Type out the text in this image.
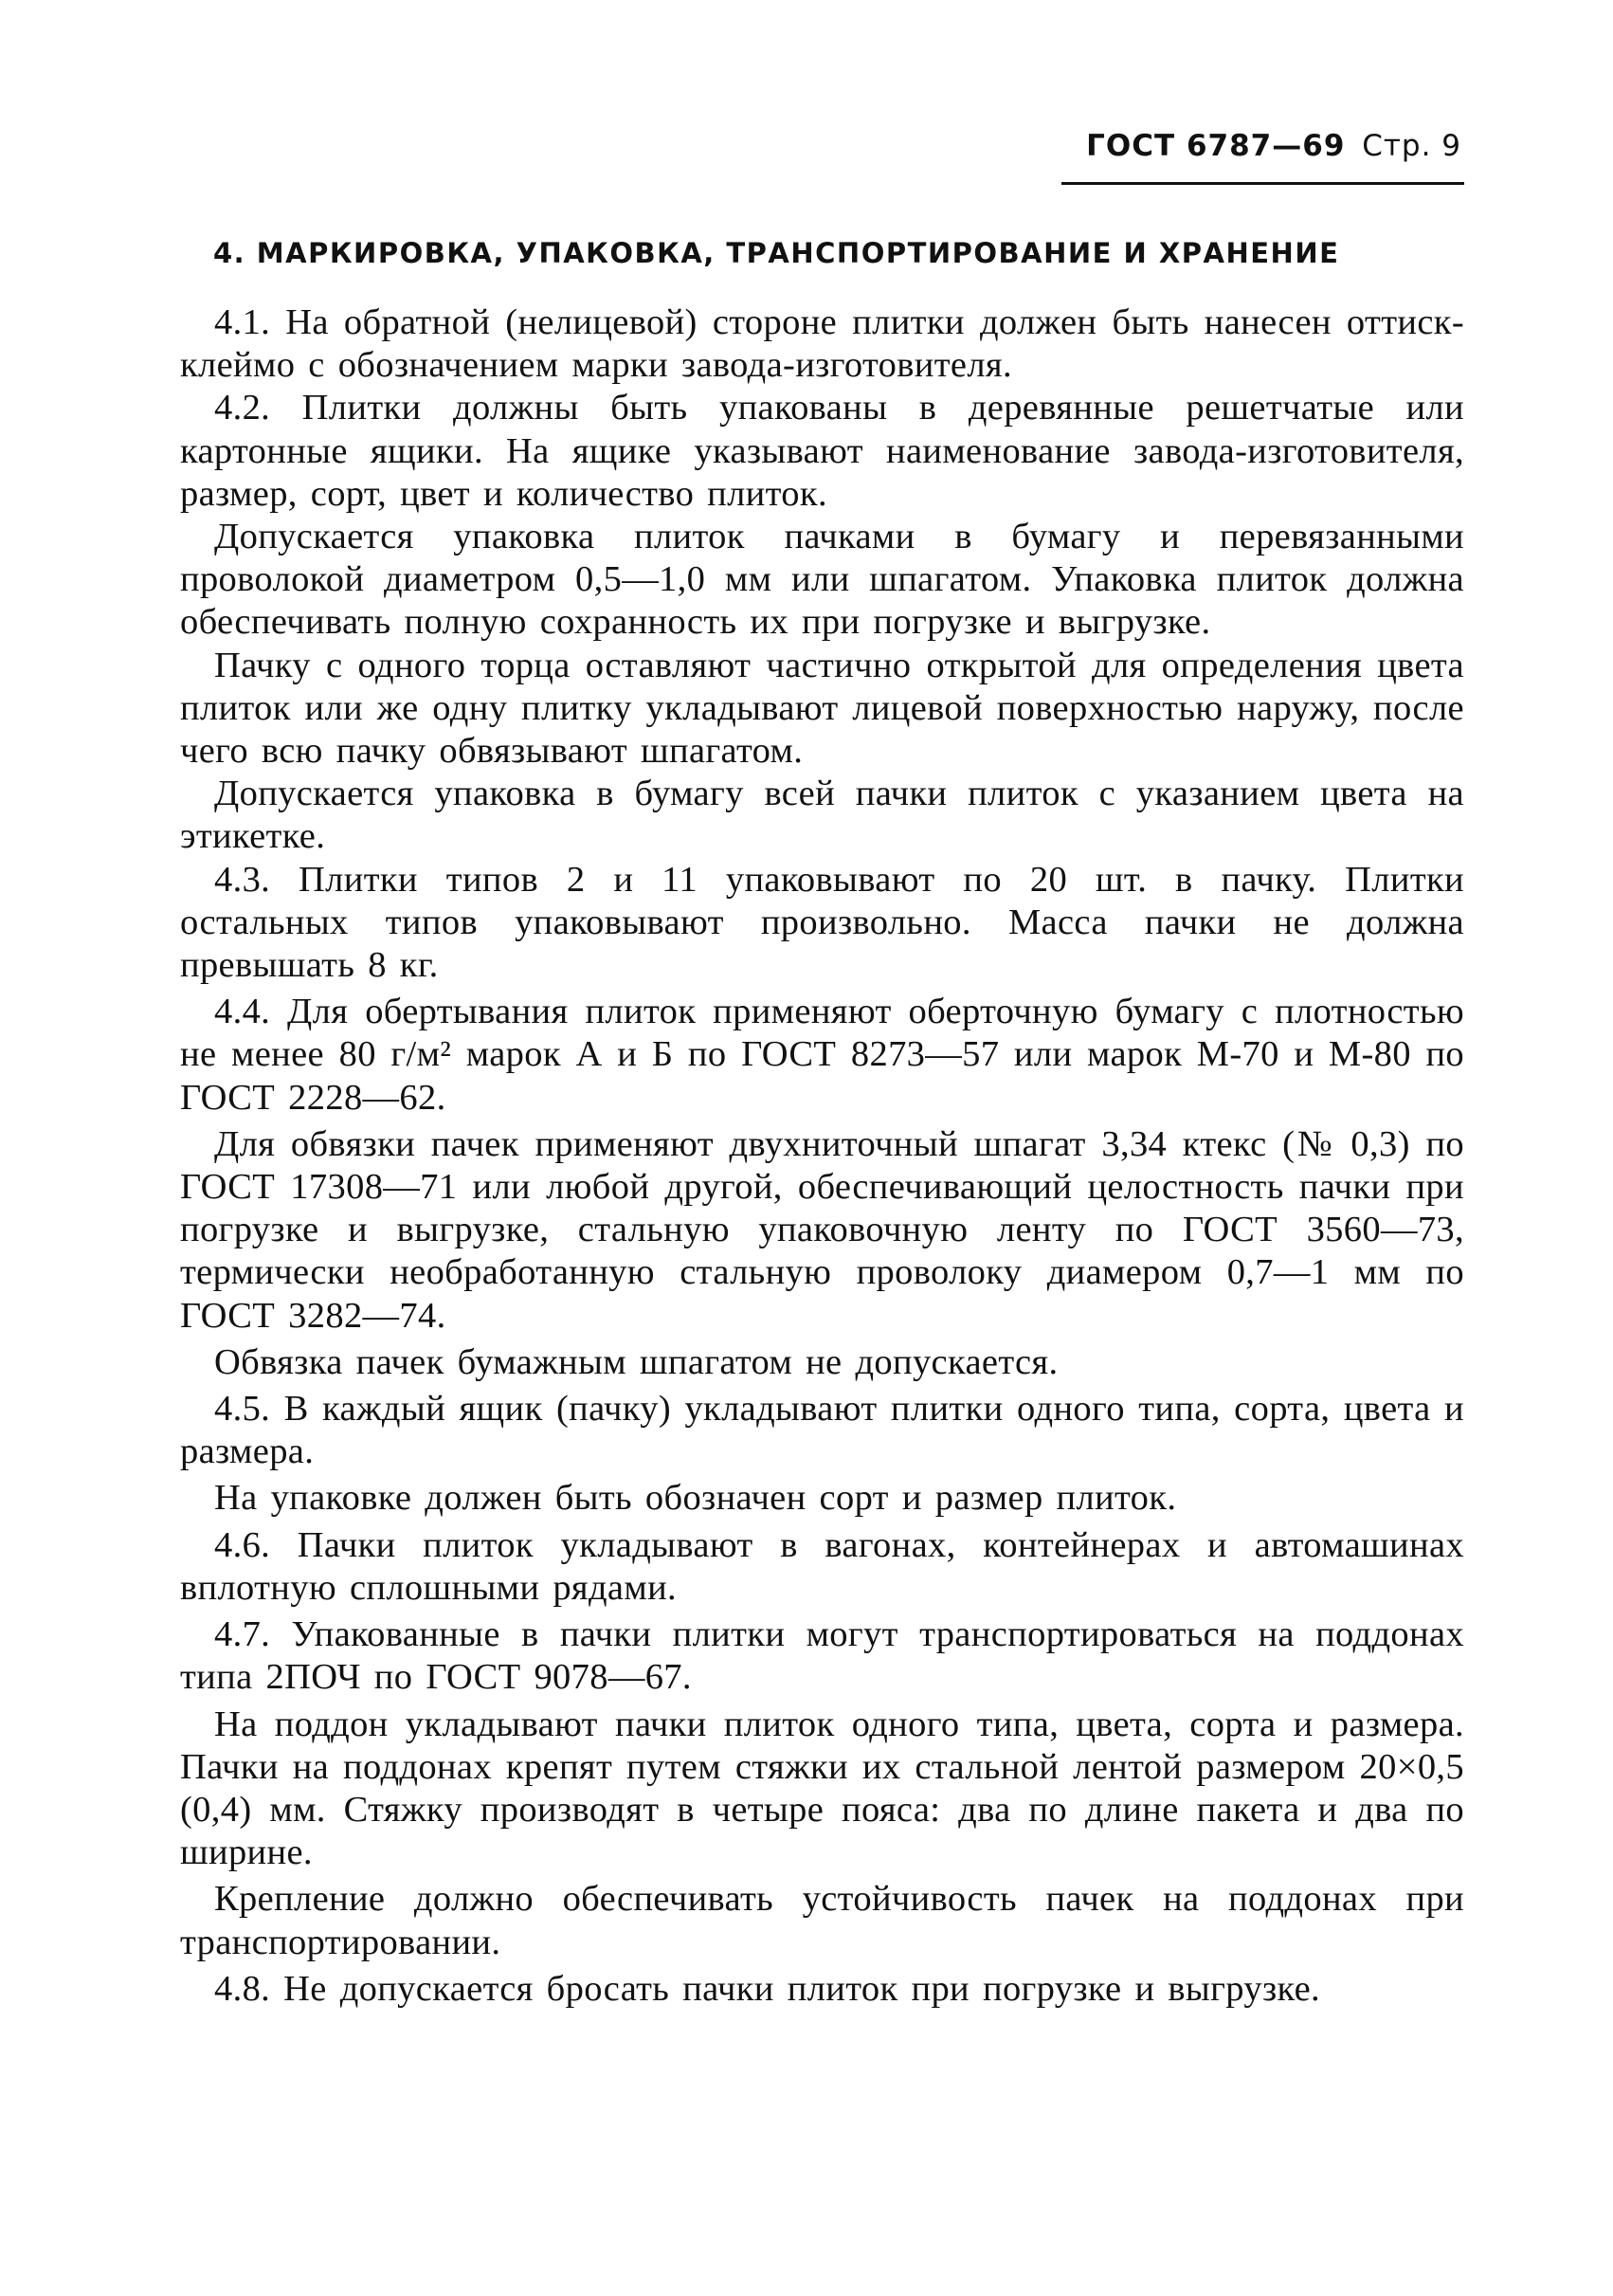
ГОСТ 6787—69 Стр. 9
4. МАРКИРОВКА, УПАКОВКА, ТРАНСПОРТИРОВАНИЕ И ХРАНЕНИЕ

4.1. На обратной (нелицевой) стороне плитки должен быть нанесен оттиск-клеймо с обозначением марки завода-изготовителя.

4.2. Плитки должны быть упакованы в деревянные решетчатые или картонные ящики. На ящике указывают наименование завода-изготовителя, размер, сорт, цвет и количество плиток.

Допускается упаковка плиток пачками в бумагу и перевязанными проволокой диаметром 0,5—1,0 мм или шпагатом. Упаковка плиток должна обеспечивать полную сохранность их при погрузке и выгрузке.

Пачку с одного торца оставляют частично открытой для определения цвета плиток или же одну плитку укладывают лицевой поверхностью наружу, после чего всю пачку обвязывают шпагатом.

Допускается упаковка в бумагу всей пачки плиток с указанием цвета на этикетке.

4.3. Плитки типов 2 и 11 упаковывают по 20 шт. в пачку. Плитки остальных типов упаковывают произвольно. Масса пачки не должна превышать 8 кг.

4.4. Для обертывания плиток применяют оберточную бумагу с плотностью не менее 80 г/м² марок А и Б по ГОСТ 8273—57 или марок М-70 и М-80 по ГОСТ 2228—62.

Для обвязки пачек применяют двухниточный шпагат 3,34 ктекс (№ 0,3) по ГОСТ 17308—71 или любой другой, обеспечивающий целостность пачки при погрузке и выгрузке, стальную упаковочную ленту по ГОСТ 3560—73, термически необработанную стальную проволоку диамером 0,7—1 мм по ГОСТ 3282—74.

Обвязка пачек бумажным шпагатом не допускается.

4.5. В каждый ящик (пачку) укладывают плитки одного типа, сорта, цвета и размера.

На упаковке должен быть обозначен сорт и размер плиток.

4.6. Пачки плиток укладывают в вагонах, контейнерах и автомашинах вплотную сплошными рядами.

4.7. Упакованные в пачки плитки могут транспортироваться на поддонах типа 2ПОЧ по ГОСТ 9078—67.

На поддон укладывают пачки плиток одного типа, цвета, сорта и размера. Пачки на поддонах крепят путем стяжки их стальной лентой размером 20×0,5 (0,4) мм. Стяжку производят в четыре пояса: два по длине пакета и два по ширине.

Крепление должно обеспечивать устойчивость пачек на поддонах при транспортировании.

4.8. Не допускается бросать пачки плиток при погрузке и выгрузке.
